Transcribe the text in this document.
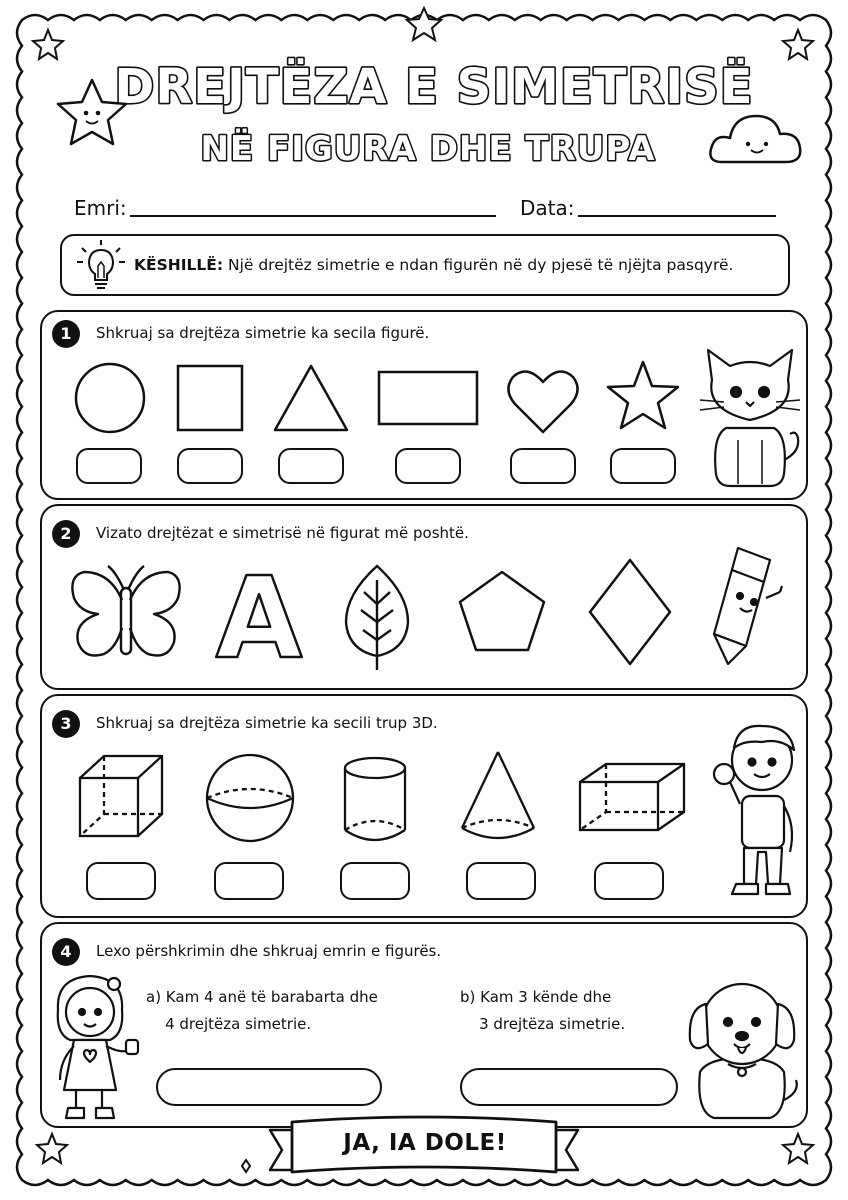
DREJTËZA E SIMETRISË
NË FIGURA DHE TRUPA
Emri:	Data:
KËSHILLË: Një drejtëz simetrie e ndan figurën në dy pjesë të njëjta pasqyrë.
1	Shkruaj sa drejtëza simetrie ka secila figurë.
2	Vizato drejtëzat e simetrisë në figurat më poshtë.
A
3	Shkruaj sa drejtëza simetrie ka secili trup 3D.
4	Lexo përshkrimin dhe shkruaj emrin e figurës.
a) Kam 4 anë të barabarta dhe
4 drejtëza simetrie.
b) Kam 3 kënde dhe
3 drejtëza simetrie.
JA, IA DOLE!
